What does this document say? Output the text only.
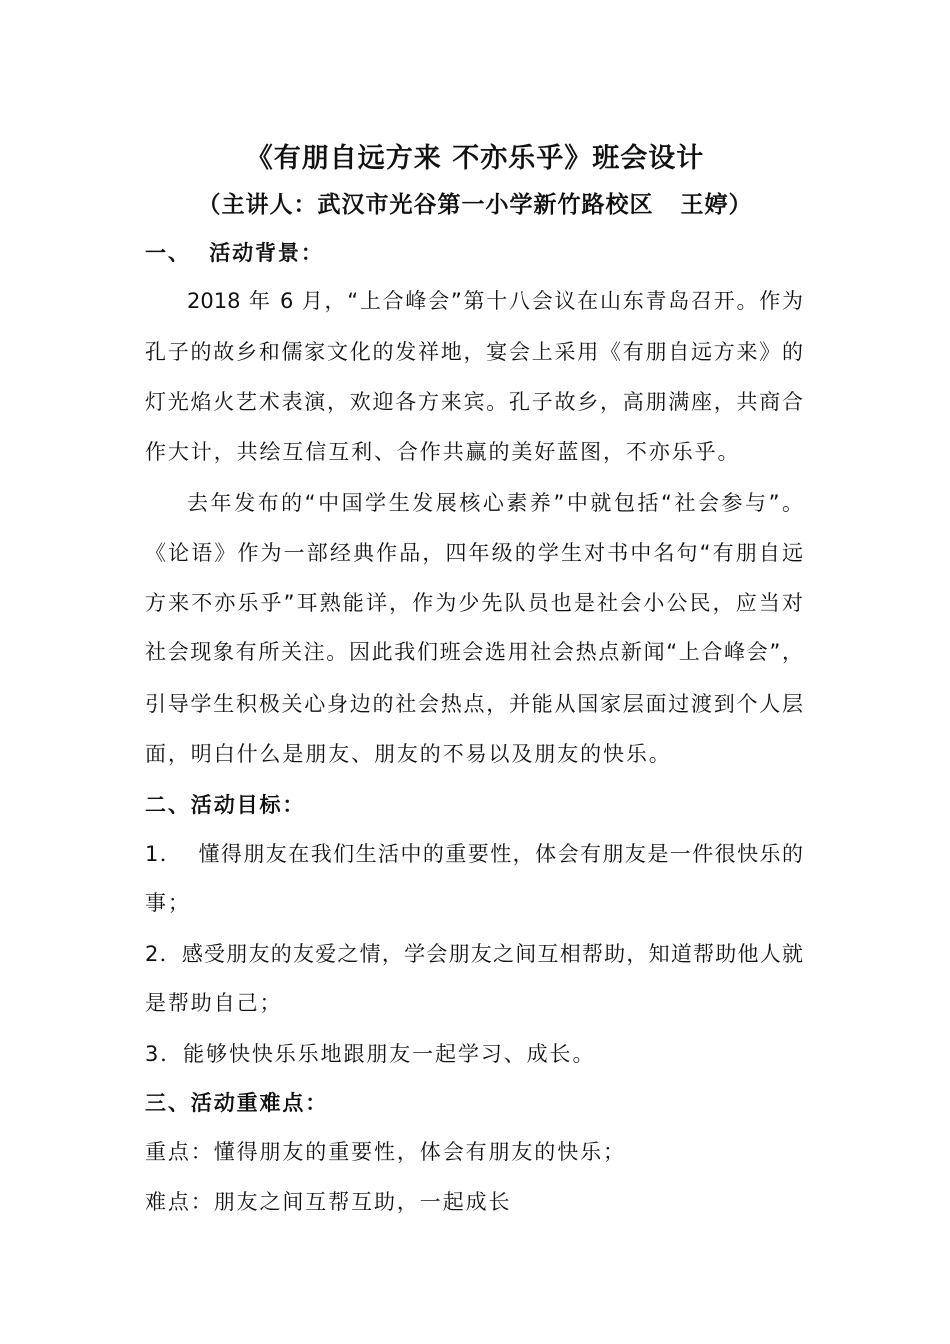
《有朋自远方来 不亦乐乎》班会设计
（主讲人：武汉市光谷第一小学新竹路校区   王婷）
一、  活动背景：
2018 年 6 月，“上合峰会”第十八会议在山东青岛召开。作为
孔子的故乡和儒家文化的发祥地，宴会上采用《有朋自远方来》的
灯光焰火艺术表演，欢迎各方来宾。孔子故乡，高朋满座，共商合
作大计，共绘互信互利、合作共赢的美好蓝图，不亦乐乎。
去年发布的“中国学生发展核心素养”中就包括“社会参与”。
《论语》作为一部经典作品，四年级的学生对书中名句“有朋自远
方来不亦乐乎”耳熟能详，作为少先队员也是社会小公民，应当对
社会现象有所关注。因此我们班会选用社会热点新闻“上合峰会”，
引导学生积极关心身边的社会热点，并能从国家层面过渡到个人层
面，明白什么是朋友、朋友的不易以及朋友的快乐。
二、活动目标：
1．  懂得朋友在我们生活中的重要性，体会有朋友是一件很快乐的
事；
2．感受朋友的友爱之情，学会朋友之间互相帮助，知道帮助他人就
是帮助自己；
3．能够快快乐乐地跟朋友一起学习、成长。
三、活动重难点：
重点：懂得朋友的重要性，体会有朋友的快乐；
难点：朋友之间互帮互助，一起成长
